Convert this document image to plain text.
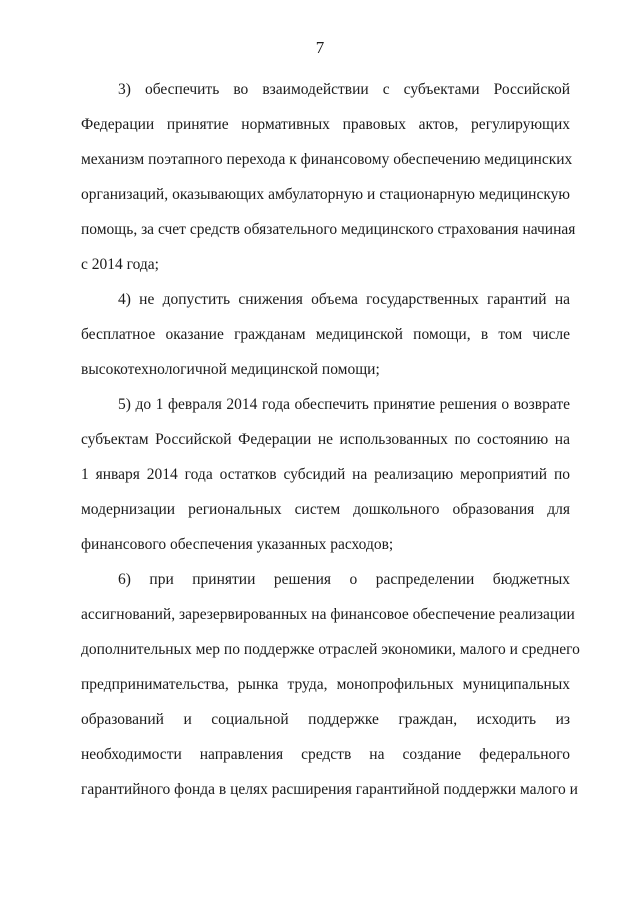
7
3) обеспечить во взаимодействии с субъектами Российской
Федерации принятие нормативных правовых актов, регулирующих
механизм поэтапного перехода к финансовому обеспечению медицинских
организаций, оказывающих амбулаторную и стационарную медицинскую
помощь, за счет средств обязательного медицинского страхования начиная
с 2014 года;
4) не допустить снижения объема государственных гарантий на
бесплатное оказание гражданам медицинской помощи, в том числе
высокотехнологичной медицинской помощи;
5) до 1 февраля 2014 года обеспечить принятие решения о возврате
субъектам Российской Федерации не использованных по состоянию на
1 января 2014 года остатков субсидий на реализацию мероприятий по
модернизации региональных систем дошкольного образования для
финансового обеспечения указанных расходов;
6) при принятии решения о распределении бюджетных
ассигнований, зарезервированных на финансовое обеспечение реализации
дополнительных мер по поддержке отраслей экономики, малого и среднего
предпринимательства, рынка труда, монопрофильных муниципальных
образований и социальной поддержке граждан, исходить из
необходимости направления средств на создание федерального
гарантийного фонда в целях расширения гарантийной поддержки малого и
